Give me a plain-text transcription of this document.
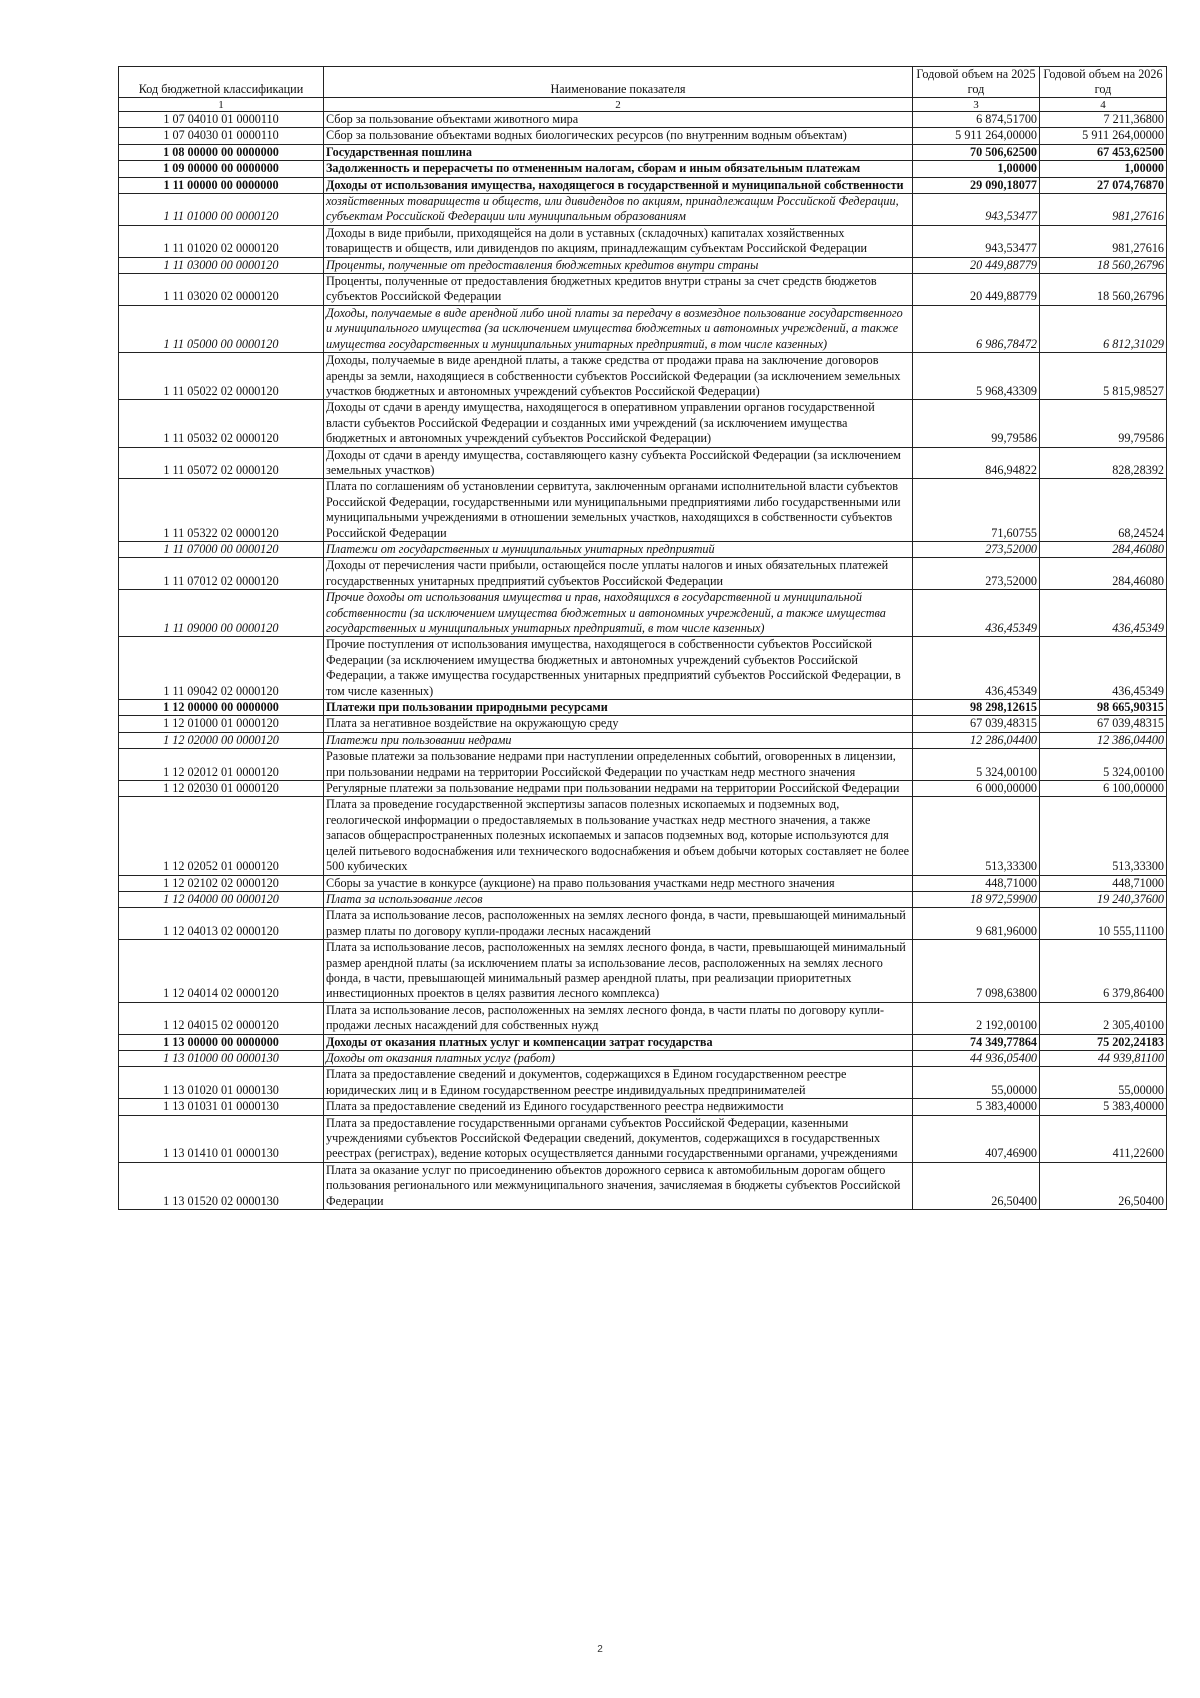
Код бюджетной классификации	Наименование показателя	Годовой объем на 2025 год	Годовой объем на 2026 год
1	2	3	4
1 07 04010 01 0000110	Сбор за пользование объектами животного мира	6 874,51700	7 211,36800
1 07 04030 01 0000110	Сбор за пользование объектами водных биологических ресурсов (по внутренним водным объектам)	5 911 264,00000	5 911 264,00000
1 08 00000 00 0000000	Государственная пошлина	70 506,62500	67 453,62500
1 09 00000 00 0000000	Задолженность и перерасчеты по отмененным налогам, сборам и иным обязательным платежам	1,00000	1,00000
1 11 00000 00 0000000	Доходы от использования имущества, находящегося в государственной и муниципальной собственности	29 090,18077	27 074,76870
1 11 01000 00 0000120	хозяйственных товариществ и обществ, или дивидендов по акциям, принадлежащим Российской Федерации, субъектам Российской Федерации или муниципальным образованиям	943,53477	981,27616
1 11 01020 02 0000120	Доходы в виде прибыли, приходящейся на доли в уставных (складочных) капиталах хозяйственных товариществ и обществ, или дивидендов по акциям, принадлежащим субъектам Российской Федерации	943,53477	981,27616
1 11 03000 00 0000120	Проценты, полученные от предоставления бюджетных кредитов внутри страны	20 449,88779	18 560,26796
1 11 03020 02 0000120	Проценты, полученные от предоставления бюджетных кредитов внутри страны за счет средств бюджетов субъектов Российской Федерации	20 449,88779	18 560,26796
1 11 05000 00 0000120	Доходы, получаемые в виде арендной либо иной платы за передачу в возмездное пользование государственного и муниципального имущества (за исключением имущества бюджетных и автономных учреждений, а также имущества государственных и муниципальных унитарных предприятий, в том числе казенных)	6 986,78472	6 812,31029
1 11 05022 02 0000120	Доходы, получаемые в виде арендной платы, а также средства от продажи права на заключение договоров аренды за земли, находящиеся в собственности субъектов Российской Федерации (за исключением земельных участков бюджетных и автономных учреждений субъектов Российской Федерации)	5 968,43309	5 815,98527
1 11 05032 02 0000120	Доходы от сдачи в аренду имущества, находящегося в оперативном управлении органов государственной власти субъектов Российской Федерации и созданных ими учреждений (за исключением имущества бюджетных и автономных учреждений субъектов Российской Федерации)	99,79586	99,79586
1 11 05072 02 0000120	Доходы от сдачи в аренду имущества, составляющего казну субъекта Российской Федерации (за исключением земельных участков)	846,94822	828,28392
1 11 05322 02 0000120	Плата по соглашениям об установлении сервитута, заключенным органами исполнительной власти субъектов Российской Федерации, государственными или муниципальными предприятиями либо государственными или муниципальными учреждениями в отношении земельных участков, находящихся в собственности субъектов Российской Федерации	71,60755	68,24524
1 11 07000 00 0000120	Платежи от государственных и муниципальных унитарных предприятий	273,52000	284,46080
1 11 07012 02 0000120	Доходы от перечисления части прибыли, остающейся после уплаты налогов и иных обязательных платежей государственных унитарных предприятий субъектов Российской Федерации	273,52000	284,46080
1 11 09000 00 0000120	Прочие доходы от использования имущества и прав, находящихся в государственной и муниципальной собственности (за исключением имущества бюджетных и автономных учреждений, а также имущества государственных и муниципальных унитарных предприятий, в том числе казенных)	436,45349	436,45349
1 11 09042 02 0000120	Прочие поступления от использования имущества, находящегося в собственности субъектов Российской Федерации (за исключением имущества бюджетных и автономных учреждений субъектов Российской Федерации, а также имущества государственных унитарных предприятий субъектов Российской Федерации, в том числе казенных)	436,45349	436,45349
1 12 00000 00 0000000	Платежи при пользовании природными ресурсами	98 298,12615	98 665,90315
1 12 01000 01 0000120	Плата за негативное воздействие на окружающую среду	67 039,48315	67 039,48315
1 12 02000 00 0000120	Платежи при пользовании недрами	12 286,04400	12 386,04400
1 12 02012 01 0000120	Разовые платежи за пользование недрами при наступлении определенных событий, оговоренных в лицензии, при пользовании недрами на территории Российской Федерации по участкам недр местного значения	5 324,00100	5 324,00100
1 12 02030 01 0000120	Регулярные платежи за пользование недрами при пользовании недрами на территории Российской Федерации	6 000,00000	6 100,00000
1 12 02052 01 0000120	Плата за проведение государственной экспертизы запасов полезных ископаемых и подземных вод, геологической информации о предоставляемых в пользование участках недр местного значения, а также запасов общераспространенных полезных ископаемых и запасов подземных вод, которые используются для целей питьевого водоснабжения или технического водоснабжения и объем добычи которых составляет не более 500 кубических	513,33300	513,33300
1 12 02102 02 0000120	Сборы за участие в конкурсе (аукционе) на право пользования участками недр местного значения	448,71000	448,71000
1 12 04000 00 0000120	Плата за использование лесов	18 972,59900	19 240,37600
1 12 04013 02 0000120	Плата за использование лесов, расположенных на землях лесного фонда, в части, превышающей минимальный размер платы по договору купли-продажи лесных насаждений	9 681,96000	10 555,11100
1 12 04014 02 0000120	Плата за использование лесов, расположенных на землях лесного фонда, в части, превышающей минимальный размер арендной платы (за исключением платы за использование лесов, расположенных на землях лесного фонда, в части, превышающей минимальный размер арендной платы, при реализации приоритетных инвестиционных проектов в целях развития лесного комплекса)	7 098,63800	6 379,86400
1 12 04015 02 0000120	Плата за использование лесов, расположенных на землях лесного фонда, в части платы по договору купли-продажи лесных насаждений для собственных нужд	2 192,00100	2 305,40100
1 13 00000 00 0000000	Доходы от оказания платных услуг и компенсации затрат государства	74 349,77864	75 202,24183
1 13 01000 00 0000130	Доходы от оказания платных услуг (работ)	44 936,05400	44 939,81100
1 13 01020 01 0000130	Плата за предоставление сведений и документов, содержащихся в Едином государственном реестре юридических лиц и в Едином государственном реестре индивидуальных предпринимателей	55,00000	55,00000
1 13 01031 01 0000130	Плата за предоставление сведений из Единого государственного реестра недвижимости	5 383,40000	5 383,40000
1 13 01410 01 0000130	Плата за предоставление государственными органами субъектов Российской Федерации, казенными учреждениями субъектов Российской Федерации сведений, документов, содержащихся в государственных реестрах (регистрах), ведение которых осуществляется данными государственными органами, учреждениями	407,46900	411,22600
1 13 01520 02 0000130	Плата за оказание услуг по присоединению объектов дорожного сервиса к автомобильным дорогам общего пользования регионального или межмуниципального значения, зачисляемая в бюджеты субъектов Российской Федерации	26,50400	26,50400
2
